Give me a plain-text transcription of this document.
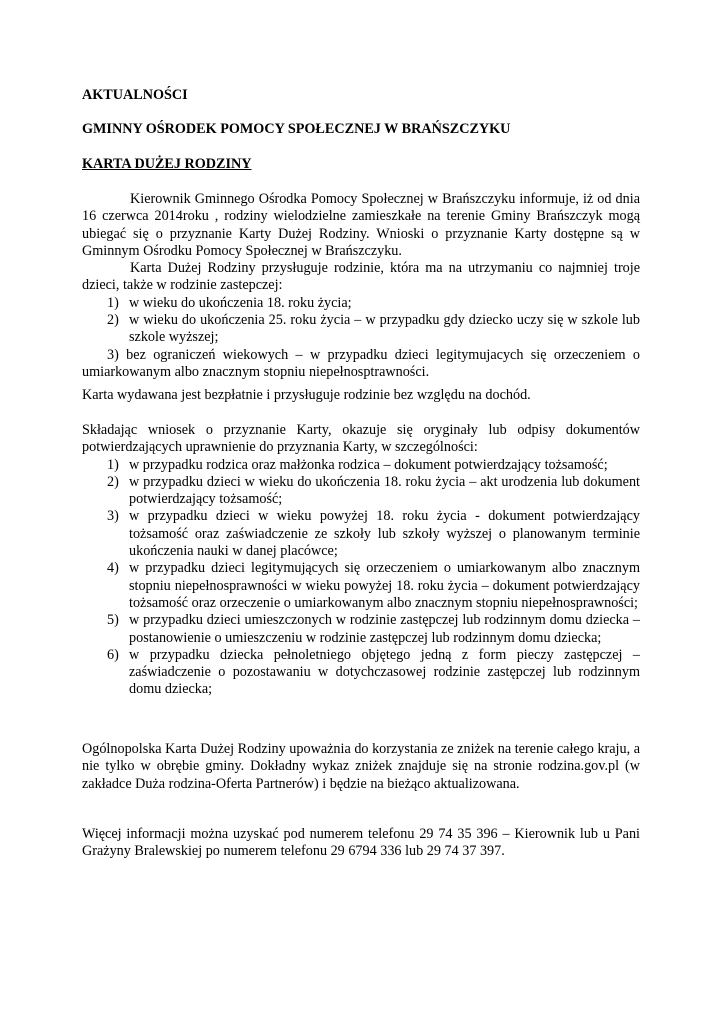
AKTUALNOŚCI

GMINNY OŚRODEK POMOCY SPOŁECZNEJ W BRAŃSZCZYKU

KARTA DUŻEJ RODZINY

Kierownik Gminnego Ośrodka Pomocy Społecznej w Brańszczyku informuje, iż od dnia 16 czerwca 2014roku , rodziny wielodzielne zamieszkałe na terenie Gminy Brańszczyk mogą ubiegać się o przyznanie Karty Dużej Rodziny. Wnioski o przyznanie Karty dostępne są w Gminnym Ośrodku Pomocy Społecznej w Brańszczyku.

Karta Dużej Rodziny przysługuje rodzinie, która ma na utrzymaniu co najmniej troje dzieci, także w rodzinie zastepczej:

1) w wieku do ukończenia 18. roku życia;
2) w wieku do ukończenia 25. roku życia – w przypadku gdy dziecko uczy się w szkole lub szkole wyższej;

3) bez ograniczeń wiekowych – w przypadku dzieci legitymujacych się orzeczeniem o umiarkowanym albo znacznym stopniu niepełnosptrawności.

Karta wydawana jest bezpłatnie i przysługuje rodzinie bez względu na dochód.

Składając wniosek o przyznanie Karty, okazuje się oryginały lub odpisy dokumentów potwierdzających uprawnienie do przyznania Karty, w szczególności:

1) w przypadku rodzica oraz małżonka rodzica – dokument potwierdzający tożsamość;
2) w przypadku dzieci w wieku do ukończenia 18. roku życia – akt urodzenia lub dokument potwierdzający tożsamość;
3) w przypadku dzieci w wieku powyżej 18. roku życia - dokument potwierdzający tożsamość oraz zaświadczenie ze szkoły lub szkoły wyższej o planowanym terminie ukończenia nauki w danej placówce;
4) w przypadku dzieci legitymujących się orzeczeniem o umiarkowanym albo znacznym stopniu niepełnosprawności w wieku powyżej 18. roku życia – dokument potwierdzający tożsamość oraz orzeczenie o umiarkowanym albo znacznym stopniu niepełnosprawności;
5) w przypadku dzieci umieszczonych w rodzinie zastępczej lub rodzinnym domu dziecka – postanowienie o umieszczeniu w rodzinie zastępczej lub rodzinnym domu dziecka;
6) w przypadku dziecka pełnoletniego objętego jedną z form pieczy zastępczej – zaświadczenie o pozostawaniu w dotychczasowej rodzinie zastępczej lub rodzinnym domu dziecka;

Ogólnopolska Karta Dużej Rodziny upoważnia do korzystania ze zniżek na terenie całego kraju, a nie tylko w obrębie gminy. Dokładny wykaz zniżek znajduje się na stronie rodzina.gov.pl (w zakładce Duża rodzina-Oferta Partnerów) i będzie na bieżąco aktualizowana.

Więcej informacji można uzyskać pod numerem telefonu 29 74 35 396 – Kierownik lub u Pani Grażyny Bralewskiej po numerem telefonu 29 6794 336 lub 29 74 37 397.
